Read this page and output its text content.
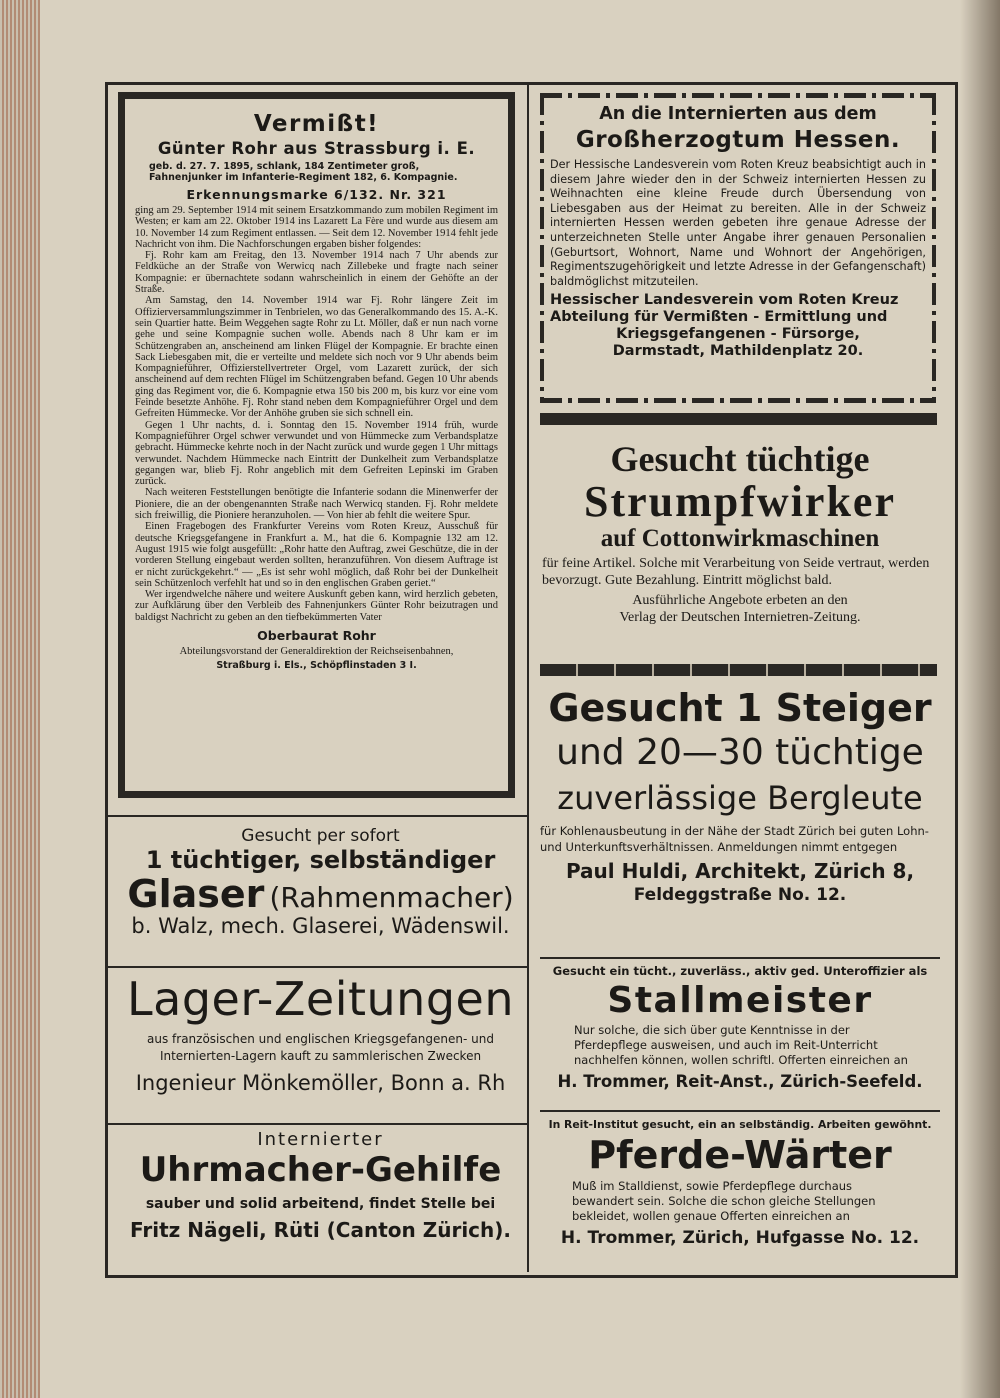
Vermißt!
Günter Rohr aus Strassburg i. E.
geb. d. 27. 7. 1895, schlank, 184 Zentimeter groß, Fahnenjunker im Infanterie-Regiment 182, 6. Kompagnie.
Erkennungsmarke 6/132. Nr. 321

ging am 29. September 1914 mit seinem Ersatzkommando zum mobilen Regiment im Westen; er kam am 22. Oktober 1914 ins Lazarett La Fère und wurde aus diesem am 10. November 14 zum Regiment entlassen. — Seit dem 12. November 1914 fehlt jede Nachricht von ihm. Die Nachforschungen ergaben bisher folgendes:

Fj. Rohr kam am Freitag, den 13. November 1914 nach 7 Uhr abends zur Feldküche an der Straße von Werwicq nach Zillebeke und fragte nach seiner Kompagnie: er übernachtete sodann wahrscheinlich in einem der Gehöfte an der Straße.

Am Samstag, den 14. November 1914 war Fj. Rohr längere Zeit im Offizierversammlungszimmer in Tenbrielen, wo das Generalkommando des 15. A.-K. sein Quartier hatte. Beim Weggehen sagte Rohr zu Lt. Möller, daß er nun nach vorne gehe und seine Kompagnie suchen wolle. Abends nach 8 Uhr kam er im Schützengraben an, anscheinend am linken Flügel der Kompagnie. Er brachte einen Sack Liebesgaben mit, die er verteilte und meldete sich noch vor 9 Uhr abends beim Kompagnieführer, Offizierstellvertreter Orgel, vom Lazarett zurück, der sich anscheinend auf dem rechten Flügel im Schützengraben befand. Gegen 10 Uhr abends ging das Regiment vor, die 6. Kompagnie etwa 150 bis 200 m, bis kurz vor eine vom Feinde besetzte Anhöhe. Fj. Rohr stand neben dem Kompagnieführer Orgel und dem Gefreiten Hümmecke. Vor der Anhöhe gruben sie sich schnell ein.

Gegen 1 Uhr nachts, d. i. Sonntag den 15. November 1914 früh, wurde Kompagnieführer Orgel schwer verwundet und von Hümmecke zum Verbandsplatze gebracht. Hümmecke kehrte noch in der Nacht zurück und wurde gegen 1 Uhr mittags verwundet. Nachdem Hümmecke nach Eintritt der Dunkelheit zum Verbandsplatze gegangen war, blieb Fj. Rohr angeblich mit dem Gefreiten Lepinski im Graben zurück.

Nach weiteren Feststellungen benötigte die Infanterie sodann die Minenwerfer der Pioniere, die an der obengenannten Straße nach Werwicq standen. Fj. Rohr meldete sich freiwillig, die Pioniere heranzuholen. — Von hier ab fehlt die weitere Spur.

Einen Fragebogen des Frankfurter Vereins vom Roten Kreuz, Ausschuß für deutsche Kriegsgefangene in Frankfurt a. M., hat die 6. Kompagnie 132 am 12. August 1915 wie folgt ausgefüllt: „Rohr hatte den Auftrag, zwei Geschütze, die in der vorderen Stellung eingebaut werden sollten, heranzuführen. Von diesem Auftrage ist er nicht zurückgekehrt.“ — „Es ist sehr wohl möglich, daß Rohr bei der Dunkelheit sein Schützenloch verfehlt hat und so in den englischen Graben geriet.“

Wer irgendwelche nähere und weitere Auskunft geben kann, wird herzlich gebeten, zur Aufklärung über den Verbleib des Fahnenjunkers Günter Rohr beizutragen und baldigst Nachricht zu geben an den tiefbekümmerten Vater

Oberbaurat Rohr
Abteilungsvorstand der Generaldirektion der Reichseisenbahnen,
Straßburg i. Els., Schöpflinstaden 3 I.
An die Internierten aus dem
Großherzogtum Hessen.
Der Hessische Landesverein vom Roten Kreuz beabsichtigt auch in diesem Jahre wieder den in der Schweiz internierten Hessen zu Weihnachten eine kleine Freude durch Übersendung von Liebesgaben aus der Heimat zu bereiten. Alle in der Schweiz internierten Hessen werden gebeten ihre genaue Adresse der unterzeichneten Stelle unter Angabe ihrer genauen Personalien (Geburtsort, Wohnort, Name und Wohnort der Angehörigen, Regimentszugehörigkeit und letzte Adresse in der Gefangenschaft) baldmöglichst mitzuteilen.
Hessischer Landesverein vom Roten Kreuz
Abteilung für Vermißten - Ermittlung und
Kriegsgefangenen - Fürsorge,
Darmstadt, Mathildenplatz 20.
Gesucht tüchtige
Strumpfwirker
auf Cottonwirkmaschinen
für feine Artikel. Solche mit Verarbeitung von Seide vertraut, werden bevorzugt. Gute Bezahlung. Eintritt möglichst bald.
Ausführliche Angebote erbeten an den
Verlag der Deutschen Internietren-Zeitung.
Gesucht per sofort
1 tüchtiger, selbständiger
Glaser (Rahmenmacher)
b. Walz, mech. Glaserei, Wädenswil.
Gesucht 1 Steiger
und 20—30 tüchtige
zuverlässige Bergleute
für Kohlenausbeutung in der Nähe der Stadt Zürich bei guten Lohn- und Unterkunftsverhältnissen. Anmeldungen nimmt entgegen
Paul Huldi, Architekt, Zürich 8,
Feldeggstraße No. 12.
Lager-Zeitungen
aus französischen und englischen Kriegsgefangenen- und
Internierten-Lagern kauft zu sammlerischen Zwecken
Ingenieur Mönkemöller, Bonn a. Rh
Gesucht ein tücht., zuverläss., aktiv ged. Unteroffizier als
Stallmeister
Nur solche, die sich über gute Kenntnisse in der Pferdepflege ausweisen, und auch im Reit-Unterricht nachhelfen können, wollen schriftl. Offerten einreichen an
H. Trommer, Reit-Anst., Zürich-Seefeld.
Internierter
Uhrmacher-Gehilfe
sauber und solid arbeitend, findet Stelle bei
Fritz Nägeli, Rüti (Canton Zürich).
In Reit-Institut gesucht, ein an selbständig. Arbeiten gewöhnt.
Pferde-Wärter
Muß im Stalldienst, sowie Pferdepflege durchaus bewandert sein. Solche die schon gleiche Stellungen bekleidet, wollen genaue Offerten einreichen an
H. Trommer, Zürich, Hufgasse No. 12.
